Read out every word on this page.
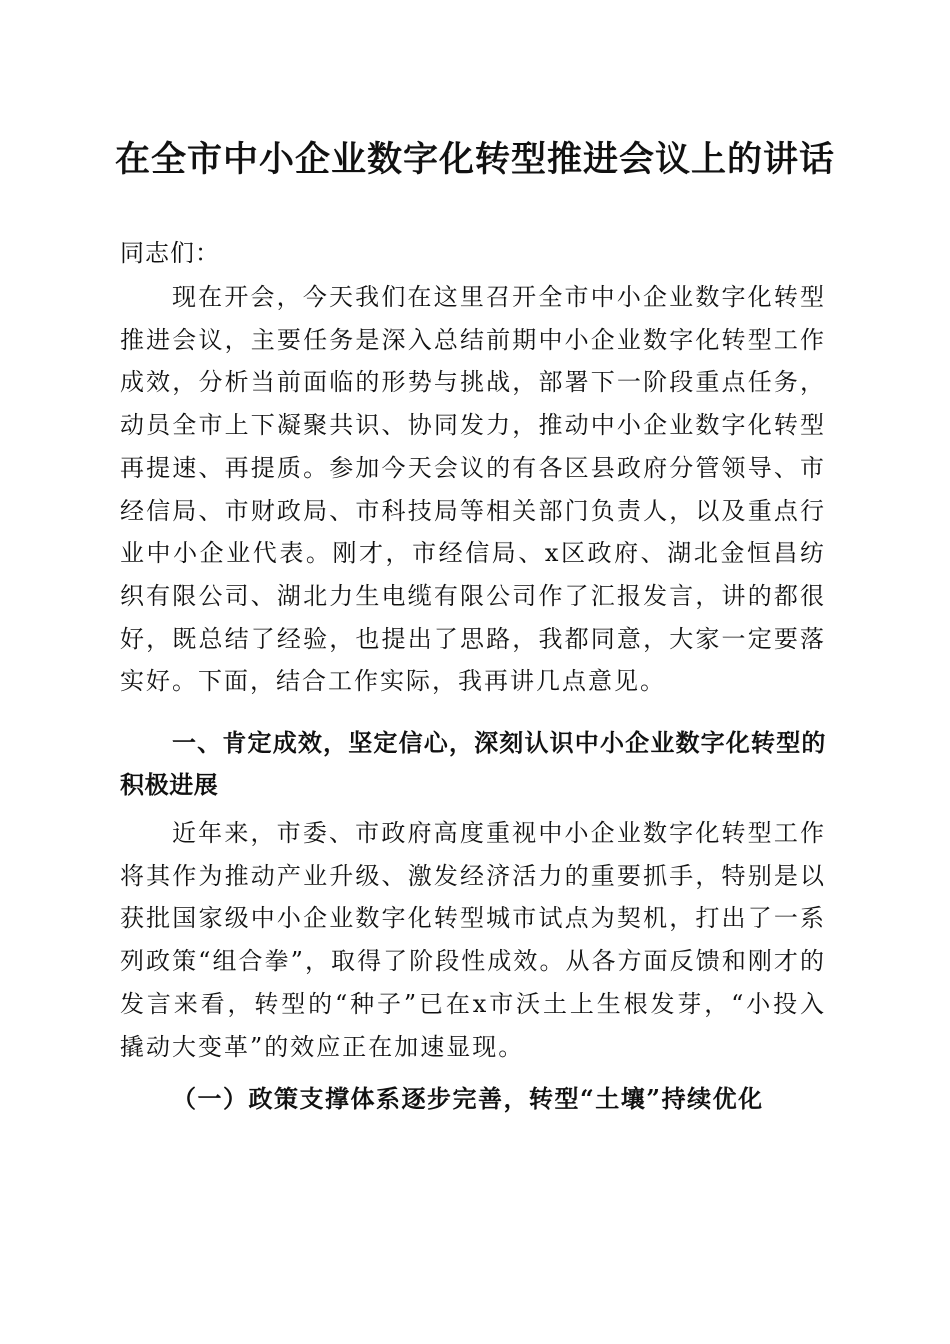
在全市中小企业数字化转型推进会议上的讲话

同志们：

现在开会，今天我们在这里召开全市中小企业数字化转型推进会议，主要任务是深入总结前期中小企业数字化转型工作成效，分析当前面临的形势与挑战，部署下一阶段重点任务，动员全市上下凝聚共识、协同发力，推动中小企业数字化转型再提速、再提质。参加今天会议的有各区县政府分管领导、市经信局、市财政局、市科技局等相关部门负责人，以及重点行业中小企业代表。刚才，市经信局、x区政府、湖北金恒昌纺织有限公司、湖北力生电缆有限公司作了汇报发言，讲的都很好，既总结了经验，也提出了思路，我都同意，大家一定要落实好。下面，结合工作实际，我再讲几点意见。

一、肯定成效，坚定信心，深刻认识中小企业数字化转型的积极进展

近年来，市委、市政府高度重视中小企业数字化转型工作将其作为推动产业升级、激发经济活力的重要抓手，特别是以获批国家级中小企业数字化转型城市试点为契机，打出了一系列政策“组合拳”，取得了阶段性成效。从各方面反馈和刚才的发言来看，转型的“种子”已在x市沃土上生根发芽，“小投入撬动大变革”的效应正在加速显现。

（一）政策支撑体系逐步完善，转型“土壤”持续优化
